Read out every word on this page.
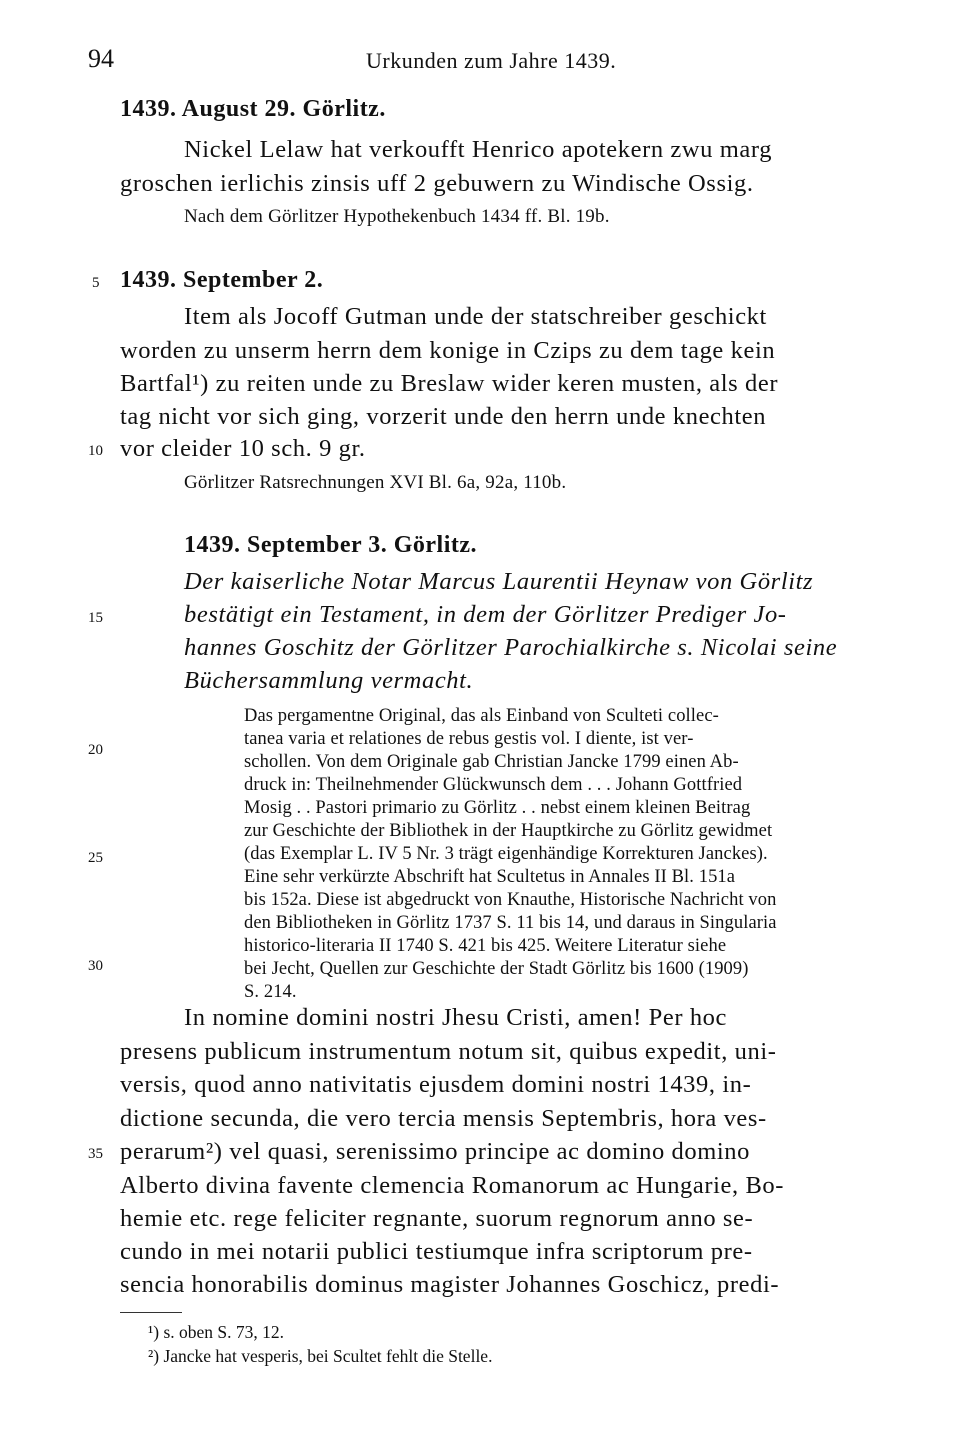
94	Urkunden zum Jahre 1439.
1439. August 29. Görlitz.
Nickel Lelaw hat verkoufft Henrico apotekern zwu marg
groschen ierlichis zinsis uff 2 gebuwern zu Windische Ossig.
Nach dem Görlitzer Hypothekenbuch 1434 ff. Bl. 19b.
5 1439. September 2.
Item als Jocoff Gutman unde der statschreiber geschickt
worden zu unserm herrn dem konige in Czips zu dem tage kein
Bartfal¹) zu reiten unde zu Breslaw wider keren musten, als der
tag nicht vor sich ging, vorzerit unde den herrn unde knechten
10 vor cleider 10 sch. 9 gr.
Görlitzer Ratsrechnungen XVI Bl. 6a, 92a, 110b.
1439. September 3. Görlitz.
Der kaiserliche Notar Marcus Laurentii Heynaw von Görlitz
15	bestätigt ein Testament, in dem der Görlitzer Prediger Jo-
hannes Goschitz der Görlitzer Parochialkirche s. Nicolai seine
Büchersammlung vermacht.
Das pergamentne Original, das als Einband von Sculteti collec-
tanea varia et relationes de rebus gestis vol. I diente, ist ver-
20
schollen. Von dem Originale gab Christian Jancke 1799 einen Ab-
druck in: Theilnehmender Glückwunsch dem . . . Johann Gottfried
Mosig . . Pastori primario zu Görlitz . . nebst einem kleinen Beitrag
zur Geschichte der Bibliothek in der Hauptkirche zu Görlitz gewidmet
(das Exemplar L. IV 5 Nr. 3 trägt eigenhändige Korrekturen Janckes).
25
Eine sehr verkürzte Abschrift hat Scultetus in Annales II Bl. 151a
bis 152a. Diese ist abgedruckt von Knauthe, Historische Nachricht von
den Bibliotheken in Görlitz 1737 S. 11 bis 14, und daraus in Singularia
historico-literaria II 1740 S. 421 bis 425. Weitere Literatur siehe
30	bei Jecht, Quellen zur Geschichte der Stadt Görlitz bis 1600 (1909)
S. 214.
In nomine domini nostri Jhesu Cristi, amen! Per hoc
presens publicum instrumentum notum sit, quibus expedit, uni-
versis, quod anno nativitatis ejusdem domini nostri 1439, in-
dictione secunda, die vero tercia mensis Septembris, hora ves-
35 perarum²) vel quasi, serenissimo principe ac domino domino
Alberto divina favente clemencia Romanorum ac Hungarie, Bo-
hemie etc. rege feliciter regnante, suorum regnorum anno se-
cundo in mei notarii publici testiumque infra scriptorum pre-
sencia honorabilis dominus magister Johannes Goschicz, predi-
¹) s. oben S. 73, 12.
²) Jancke hat vesperis, bei Scultet fehlt die Stelle.
